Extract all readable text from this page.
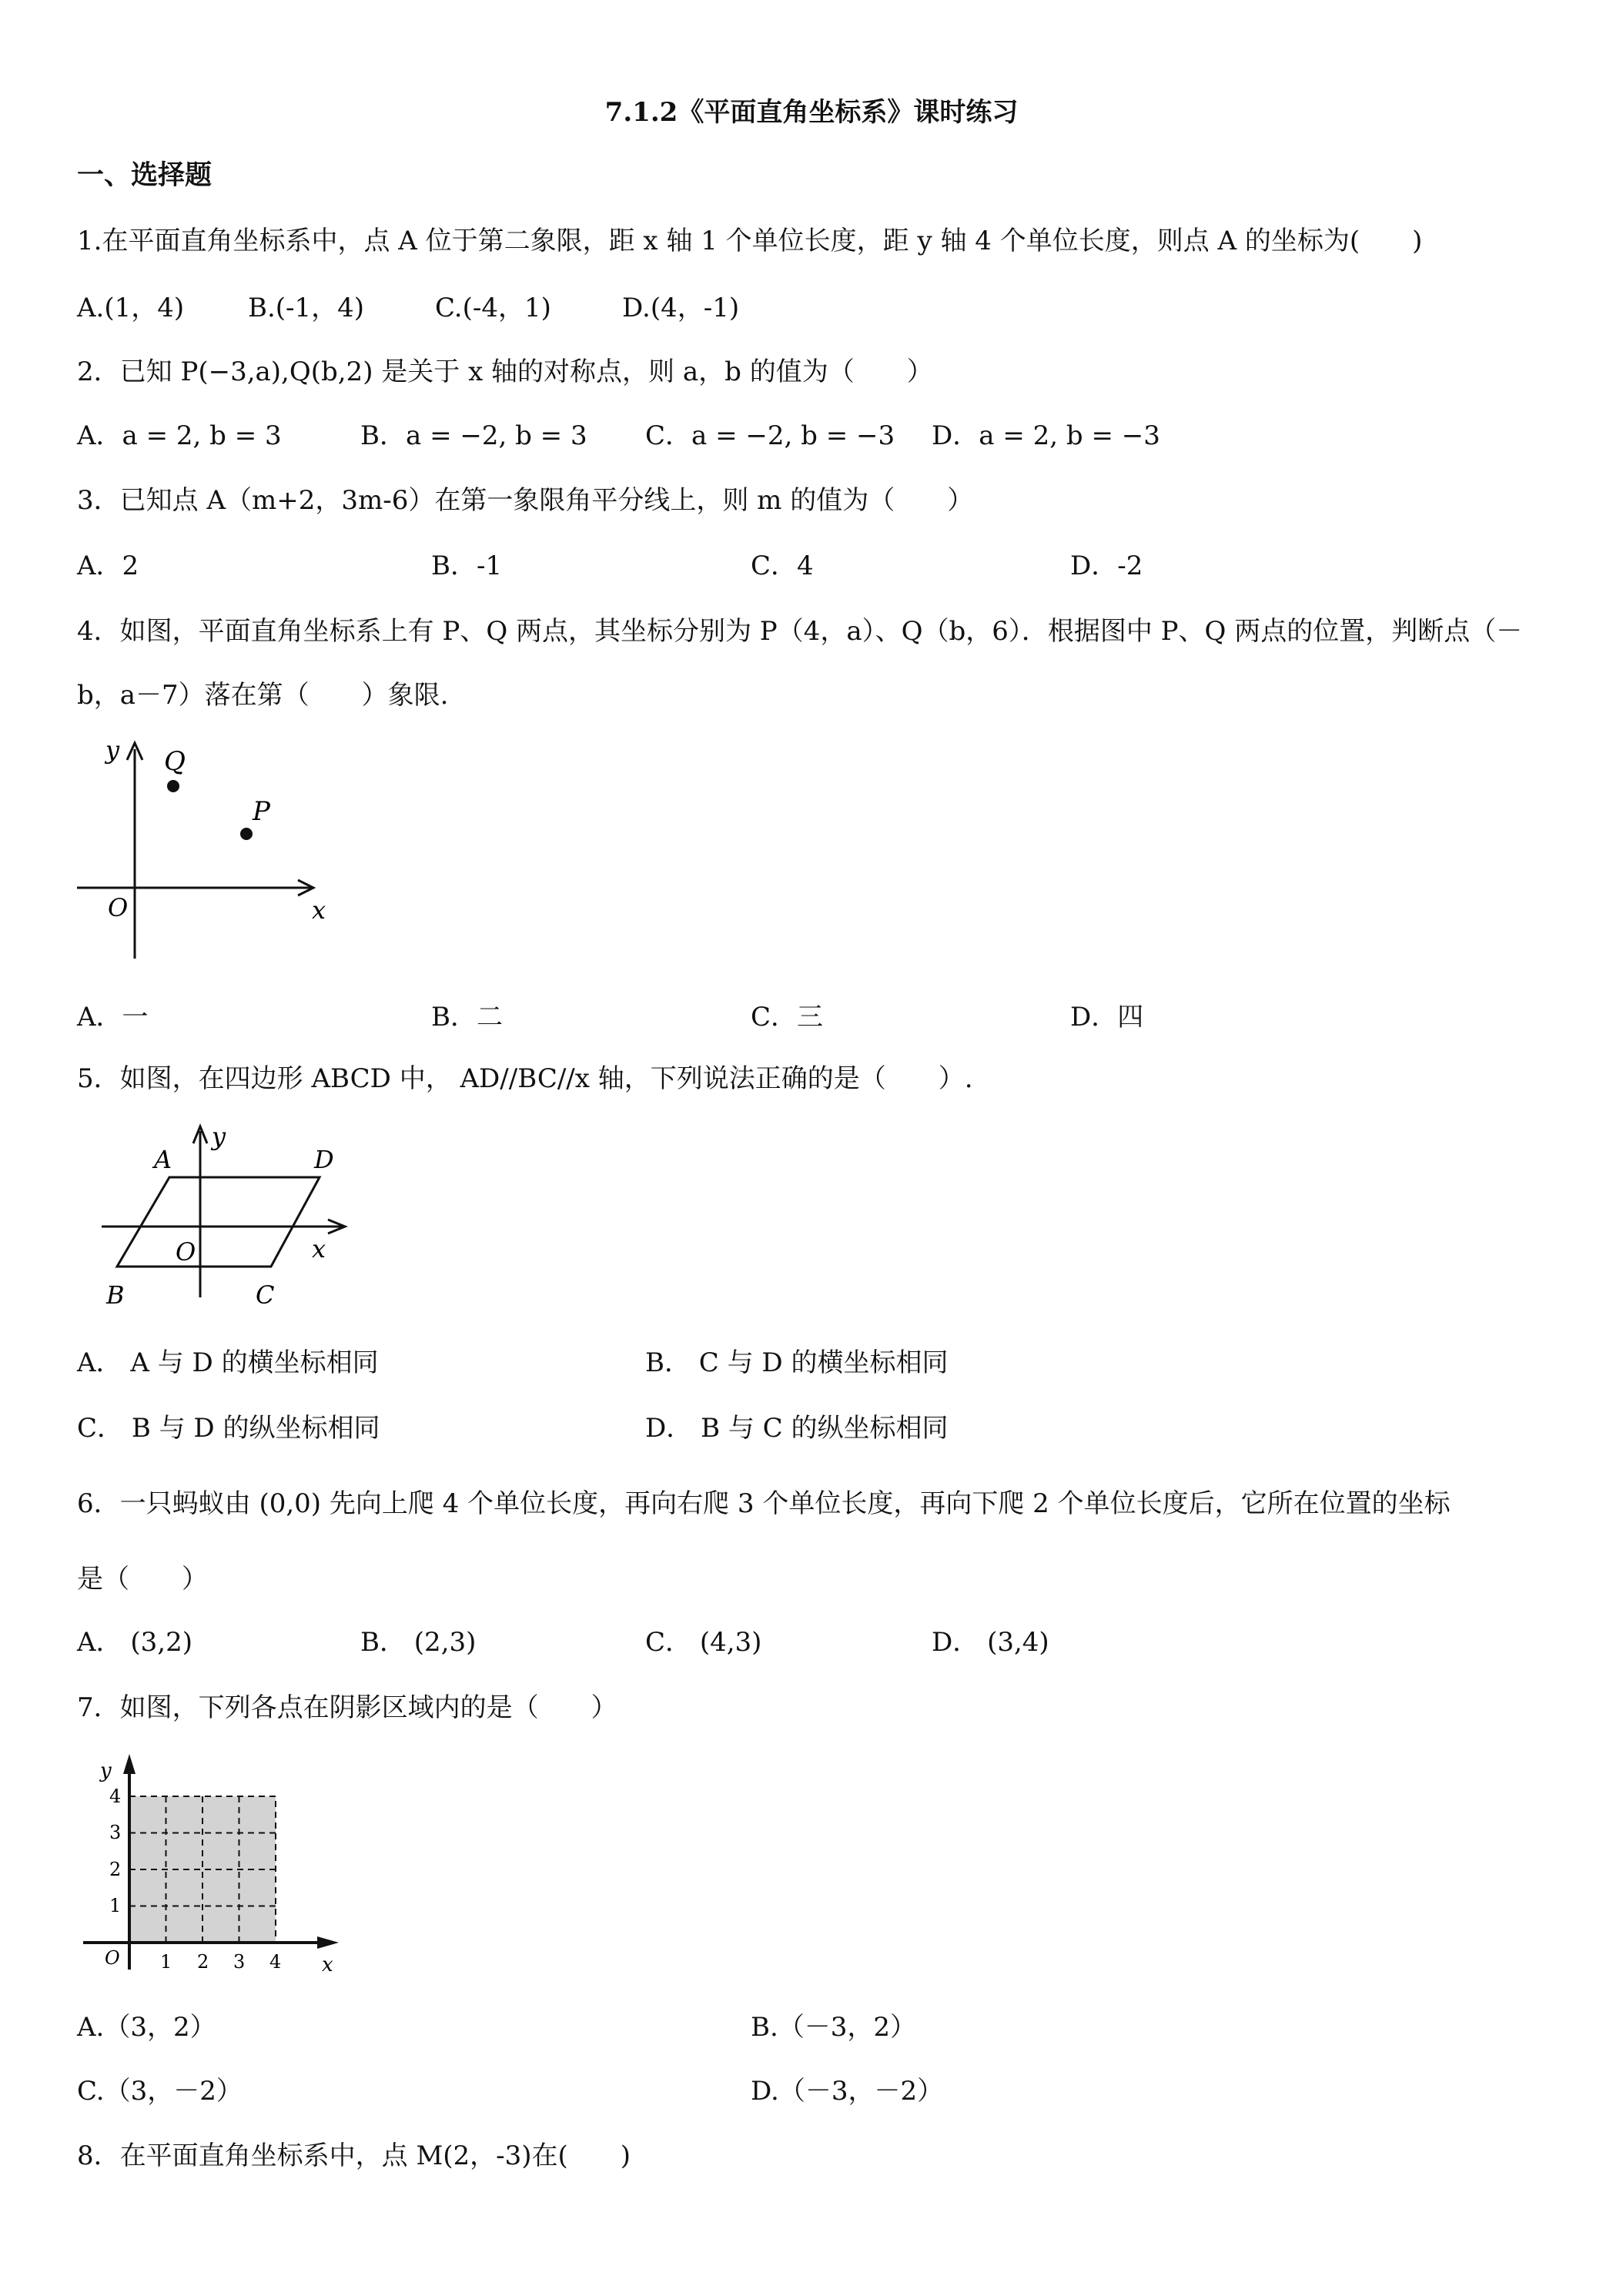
7.1.2《平面直角坐标系》课时练习
一、选择题
1.在平面直角坐标系中，点 A 位于第二象限，距 x 轴 1 个单位长度，距 y 轴 4 个单位长度，则点 A 的坐标为(　　)
A.(1，4) B.(-1，4)	C.(-4，1)	D.(4，-1)
2．已知 P(−3,a),Q(b,2) 是关于 x 轴的对称点，则 a，b 的值为（　　）
A．a = 2, b = 3	B．a = −2, b = 3 C．a = −2, b = −3 D．a = 2, b = −3
3．已知点 A（m+2，3m-6）在第一象限角平分线上，则 m 的值为（　　）
A．2	B．-1	C．4	D．-2
4．如图，平面直角坐标系上有 P、Q 两点，其坐标分别为 P（4，a）、Q（b，6）．根据图中 P、Q 两点的位置，判断点（－
b，a－7）落在第（　　）象限.
y
x
O
Q
P
A．一	B．二	C．三	D．四
5．如图，在四边形 ABCD 中， AD//BC//x 轴，下列说法正确的是（　　）.
A
y
D
x
O
B	C
A． A 与 D 的横坐标相同	B． C 与 D 的横坐标相同
C． B 与 D 的纵坐标相同	D． B 与 C 的纵坐标相同
6．一只蚂蚁由 (0,0) 先向上爬 4 个单位长度，再向右爬 3 个单位长度，再向下爬 2 个单位长度后，它所在位置的坐标
是（　　）
A． (3,2)	B． (2,3)	C． (4,3)	D． (3,4)
7．如图，下列各点在阴影区域内的是（　　）
y
x
O 1 2 3 4
1
2
3
4
A.（3，2）	B.（－3，2）
C.（3，－2）	D.（－3，－2）
8．在平面直角坐标系中，点 M(2，-3)在(　　)
